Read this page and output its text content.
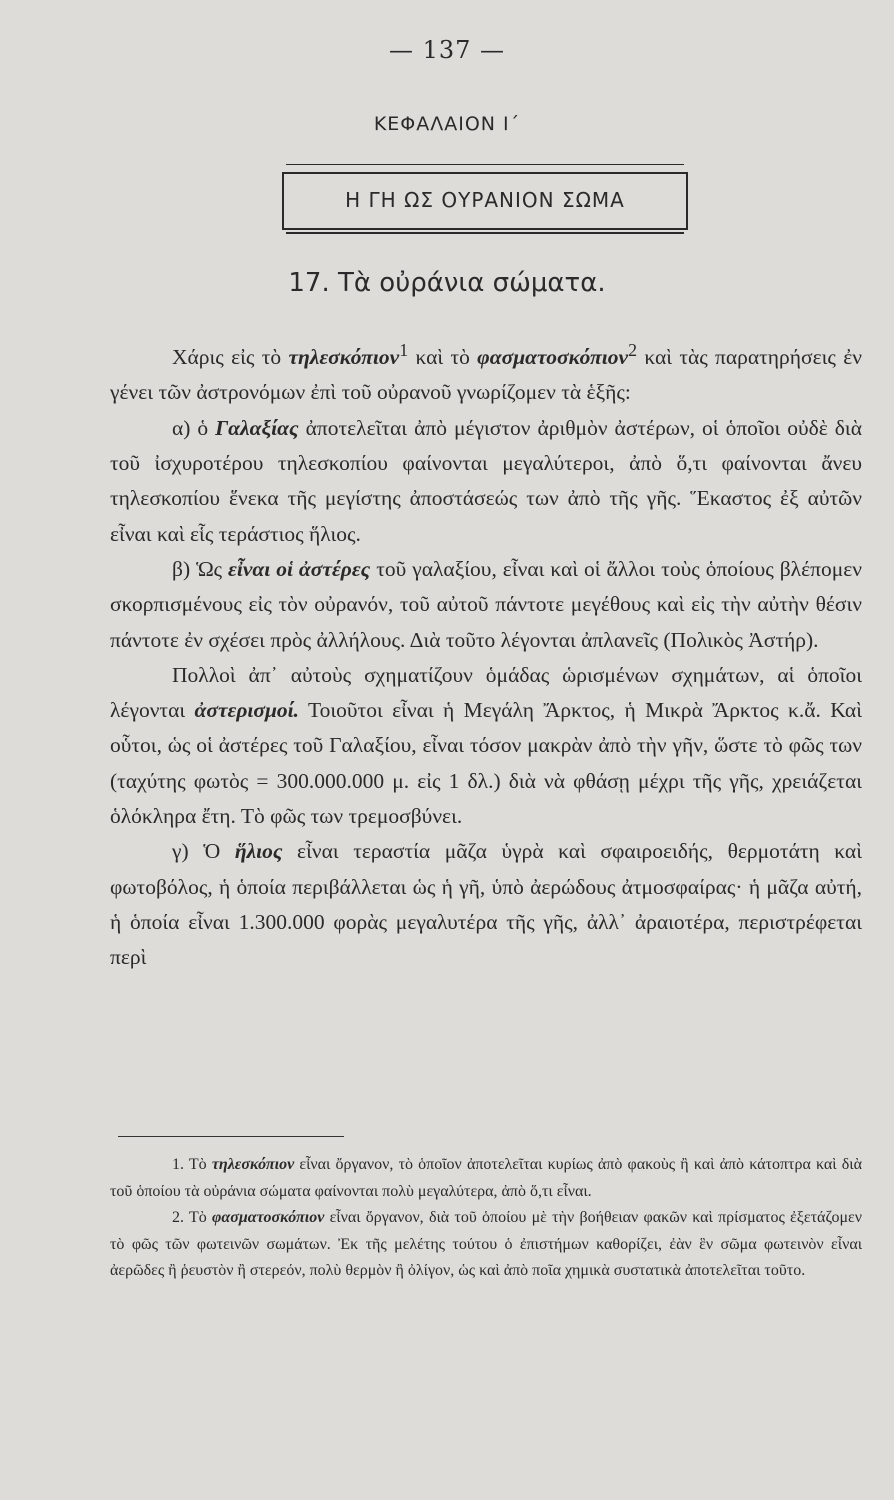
— 137 —
ΚΕΦΑΛΑΙΟΝ Ι΄
Η ΓΗ ΩΣ ΟΥΡΑΝΙΟΝ ΣΩΜΑ
17. Τὰ οὐράνια σώματα.

Χάρις εἰς τὸ τηλεσκόπιον$^1$ καὶ τὸ φασματοσκόπιον$^2$ καὶ τὰς παρατηρήσεις ἐν γένει τῶν ἀστρονόμων ἐπὶ τοῦ οὐρανοῦ γνωρίζομεν τὰ ἑξῆς:

α) ὁ Γαλαξίας ἀποτελεῖται ἀπὸ μέγιστον ἀριθμὸν ἀστέρων, οἱ ὁποῖοι οὐδὲ διὰ τοῦ ἰσχυροτέρου τηλεσκοπίου φαίνονται μεγαλύτεροι, ἀπὸ ὅ,τι φαίνονται ἄνευ τηλεσκοπίου ἕνεκα τῆς μεγίστης ἀποστάσεώς των ἀπὸ τῆς γῆς. Ἕκαστος ἐξ αὐτῶν εἶναι καὶ εἷς τεράστιος ἥλιος.

β) Ὡς εἶναι οἱ ἀστέρες τοῦ γαλαξίου, εἶναι καὶ οἱ ἄλλοι τοὺς ὁποίους βλέπομεν σκορπισμένους εἰς τὸν οὐρανόν, τοῦ αὐτοῦ πάντοτε μεγέθους καὶ εἰς τὴν αὐτὴν θέσιν πάντοτε ἐν σχέσει πρὸς ἀλλήλους. Διὰ τοῦτο λέγονται ἀπλανεῖς (Πολικὸς Ἀστήρ).

Πολλοὶ ἀπ᾽ αὐτοὺς σχηματίζουν ὁμάδας ὡρισμένων σχημάτων, αἱ ὁποῖοι λέγονται ἀστερισμοί. Τοιοῦτοι εἶναι ἡ Μεγάλη Ἄρκτος, ἡ Μικρὰ Ἄρκτος κ.ἄ. Καὶ οὗτοι, ὡς οἱ ἀστέρες τοῦ Γαλαξίου, εἶναι τόσον μακρὰν ἀπὸ τὴν γῆν, ὥστε τὸ φῶς των (ταχύτης φωτὸς = 300.000.000 μ. εἰς 1 δλ.) διὰ νὰ φθάσῃ μέχρι τῆς γῆς, χρειάζεται ὁλόκληρα ἔτη. Τὸ φῶς των τρεμοσβύνει.

γ) Ὁ ἥλιος εἶναι τεραστία μᾶζα ὑγρὰ καὶ σφαιροειδής, θερμοτάτη καὶ φωτοβόλος, ἡ ὁποία περιβάλλεται ὡς ἡ γῆ, ὑπὸ ἀερώδους ἀτμοσφαίρας· ἡ μᾶζα αὐτή, ἡ ὁποία εἶναι 1.300.000 φορὰς μεγαλυτέρα τῆς γῆς, ἀλλ᾽ ἀραιοτέρα, περιστρέφεται περὶ

1. Τὸ τηλεσκόπιον εἶναι ὄργανον, τὸ ὁποῖον ἀποτελεῖται κυρίως ἀπὸ φακοὺς ἢ καὶ ἀπὸ κάτοπτρα καὶ διὰ τοῦ ὁποίου τὰ οὐράνια σώματα φαίνονται πολὺ μεγαλύτερα, ἀπὸ ὅ,τι εἶναι.

2. Τὸ φασματοσκόπιον εἶναι ὄργανον, διὰ τοῦ ὁποίου μὲ τὴν βοήθειαν φακῶν καὶ πρίσματος ἐξετάζομεν τὸ φῶς τῶν φωτεινῶν σωμάτων. Ἐκ τῆς μελέτης τούτου ὁ ἐπιστήμων καθορίζει, ἐὰν ἓν σῶμα φωτεινὸν εἶναι ἀερῶδες ἢ ῥευστὸν ἢ στερεόν, πολὺ θερμὸν ἢ ὀλίγον, ὡς καὶ ἀπὸ ποῖα χημικὰ συστατικὰ ἀποτελεῖται τοῦτο.
